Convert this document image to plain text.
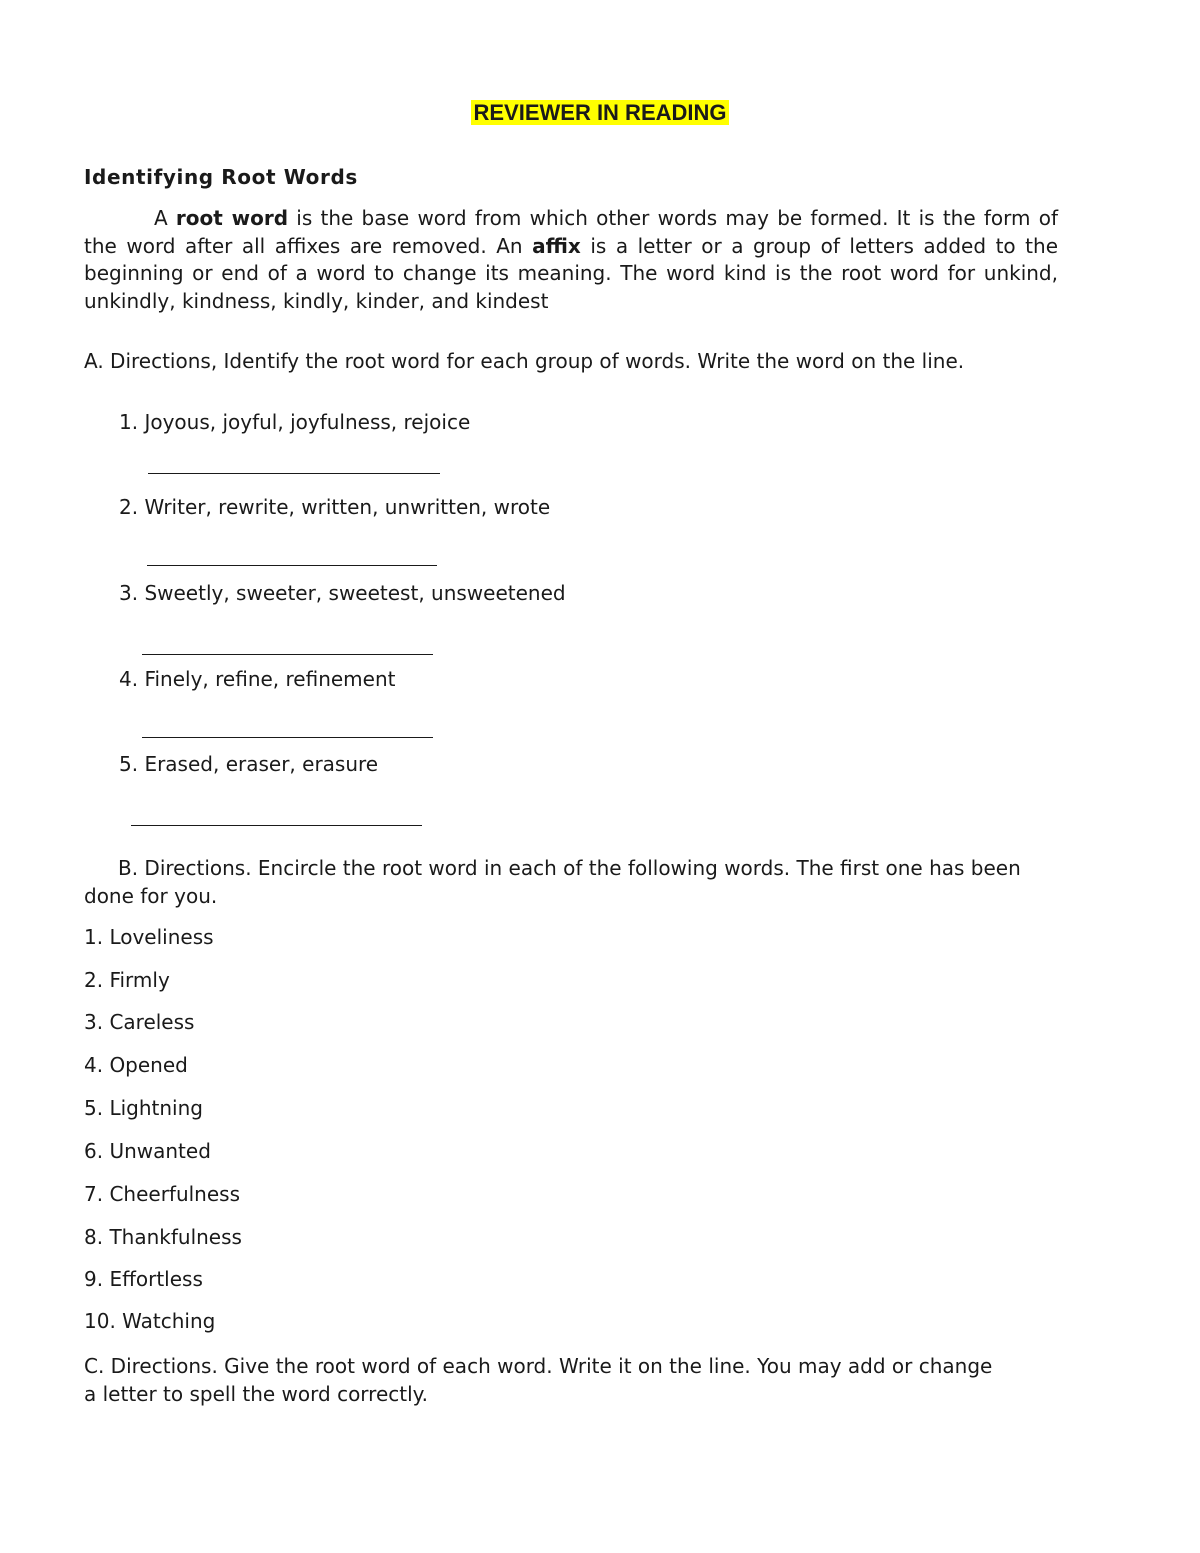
REVIEWER IN READING
Identifying Root Words
A root word is the base word from which other words may be formed. It is the form of the word after all affixes are removed. An affix is a letter or a group of letters added to the beginning or end of a word to change its meaning. The word kind is the root word for unkind, unkindly, kindness, kindly, kinder, and kindest
A. Directions, Identify the root word for each group of words. Write the word on the line.
1. Joyous, joyful, joyfulness, rejoice
2. Writer, rewrite, written, unwritten, wrote
3. Sweetly, sweeter, sweetest, unsweetened
4. Finely, refine, refinement
5. Erased, eraser, erasure
B. Directions. Encircle the root word in each of the following words. The first one has been done for you.
1. Loveliness
2. Firmly
3. Careless
4. Opened
5. Lightning
6. Unwanted
7. Cheerfulness
8. Thankfulness
9. Effortless
10. Watching
C. Directions. Give the root word of each word. Write it on the line. You may add or change a letter to spell the word correctly.
